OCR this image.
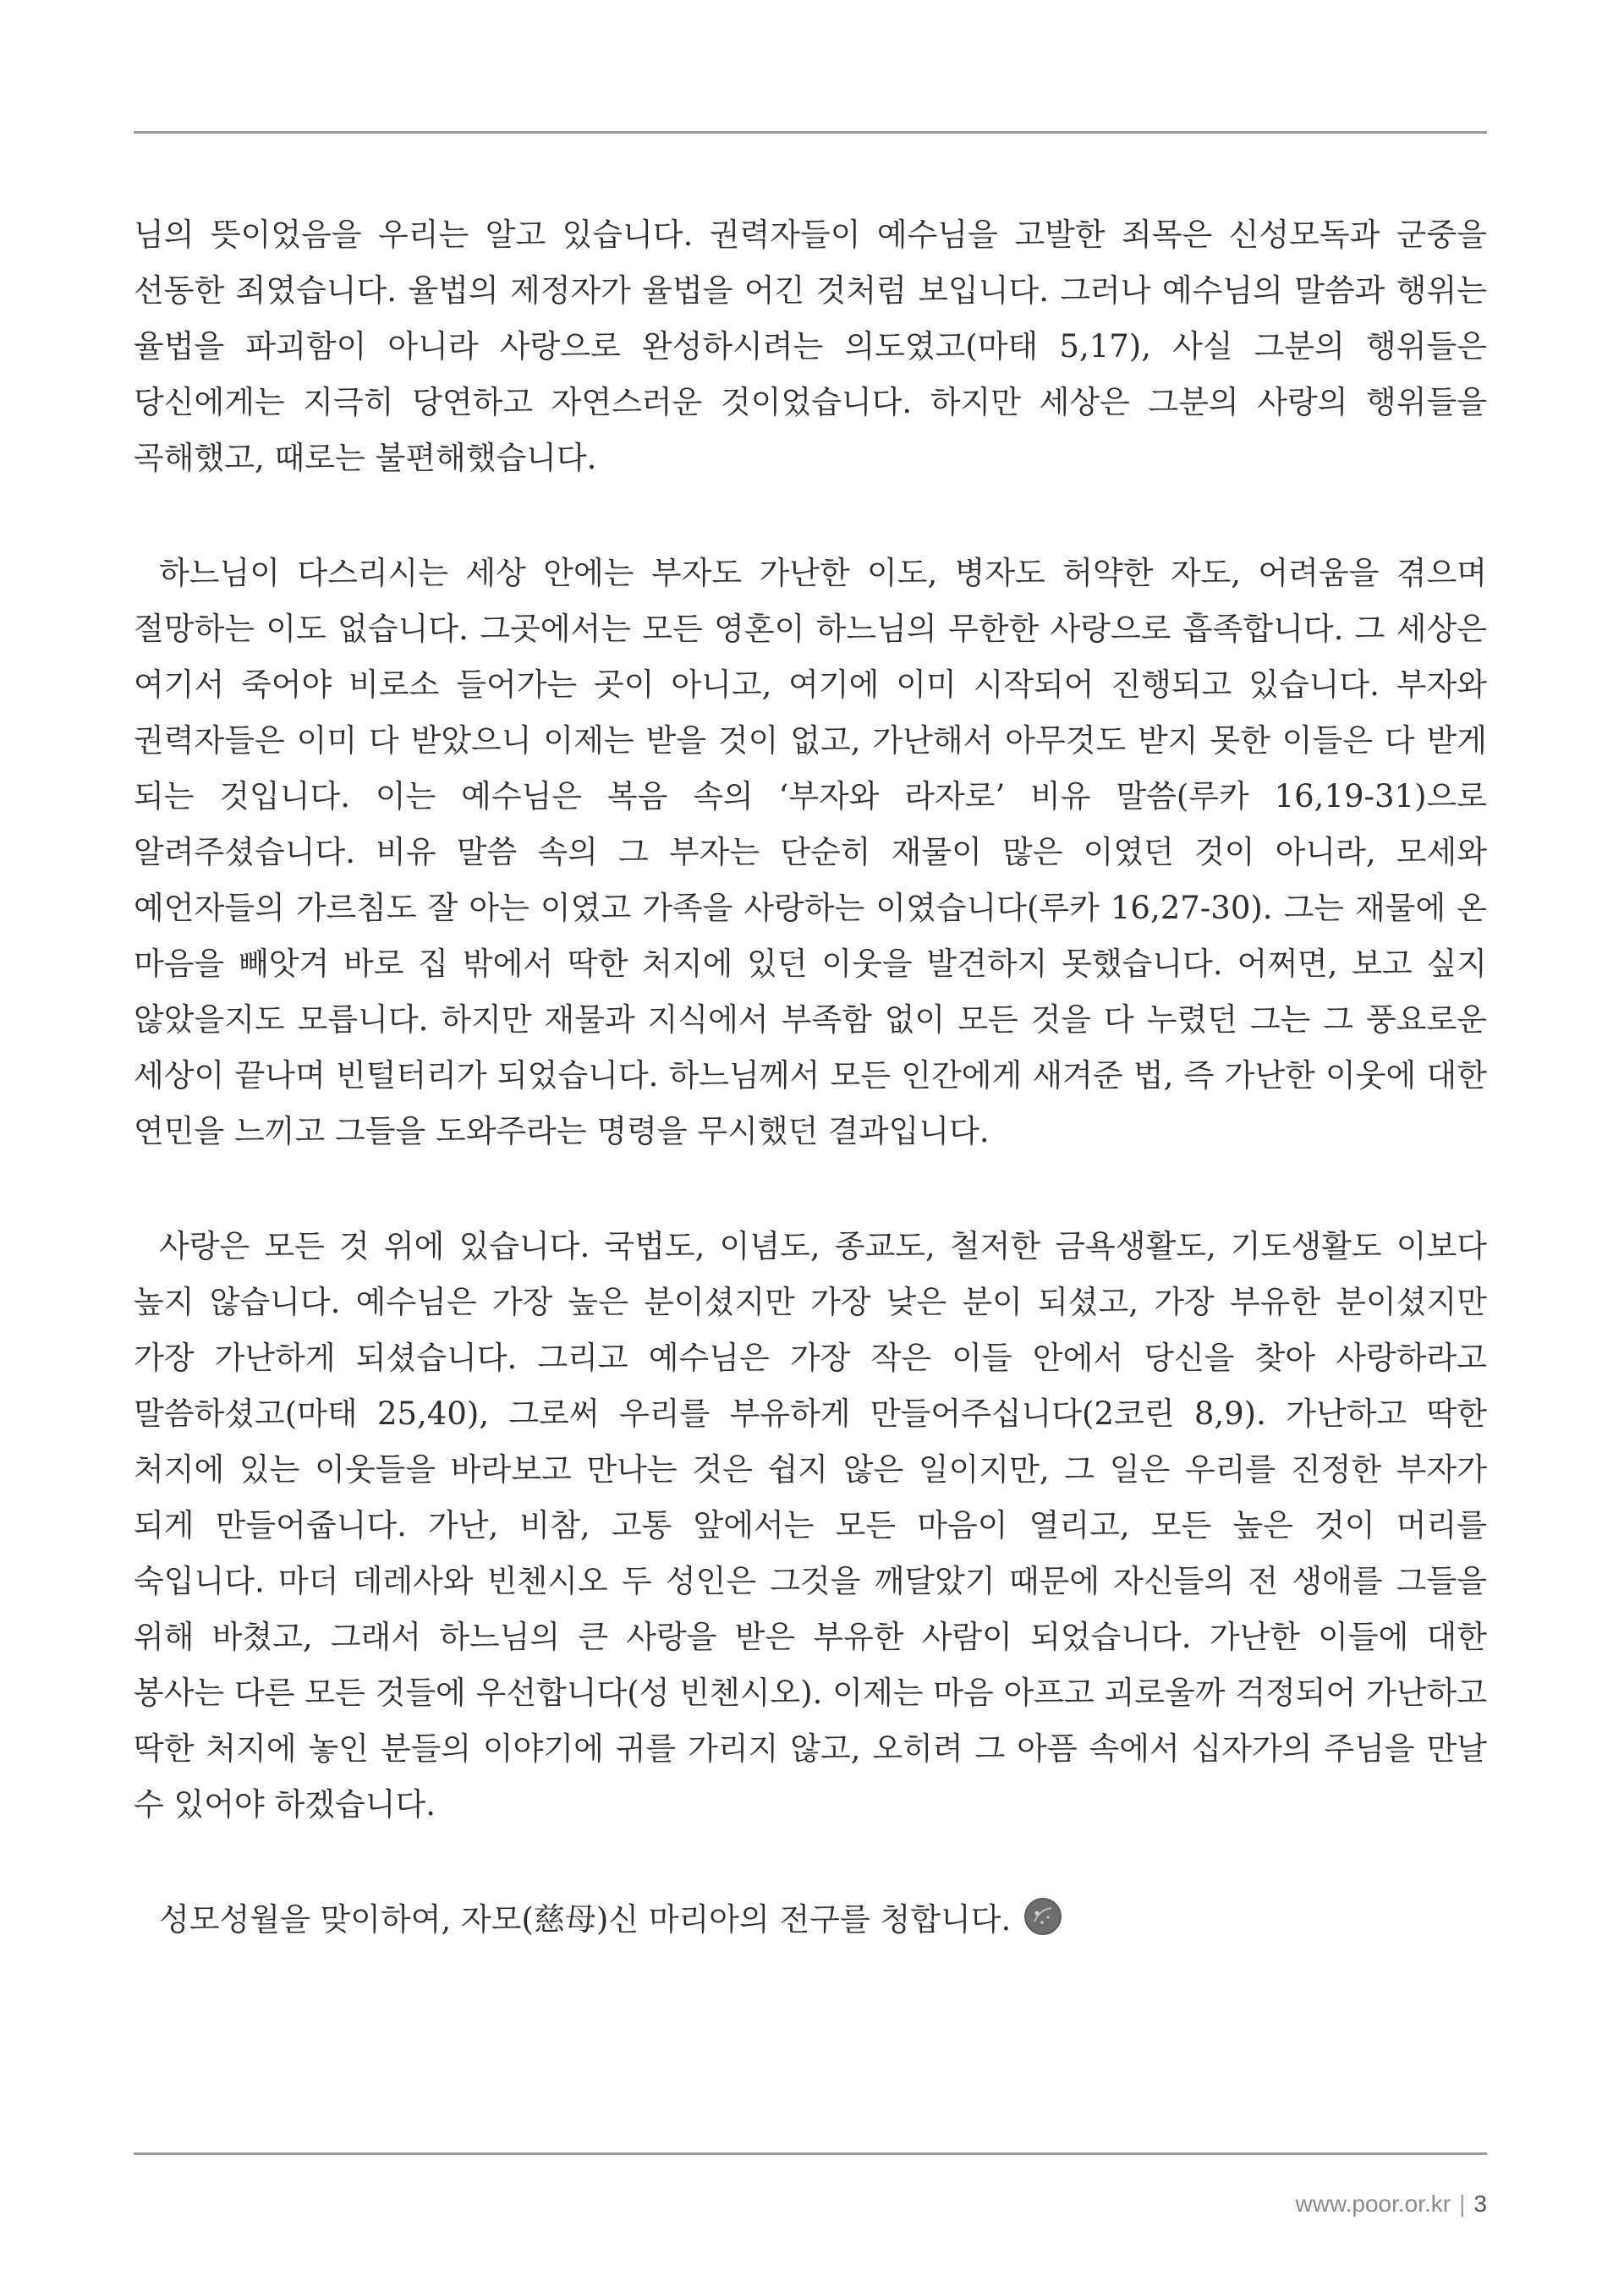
님의 뜻이었음을 우리는 알고 있습니다. 권력자들이 예수님을 고발한 죄목은 신성모독과 군중을 선동한 죄였습니다. 율법의 제정자가 율법을 어긴 것처럼 보입니다. 그러나 예수님의 말씀과 행위는 율법을 파괴함이 아니라 사랑으로 완성하시려는 의도였고(마태 5,17), 사실 그분의 행위들은 당신에게는 지극히 당연하고 자연스러운 것이었습니다. 하지만 세상은 그분의 사랑의 행위들을 곡해했고, 때로는 불편해했습니다.

하느님이 다스리시는 세상 안에는 부자도 가난한 이도, 병자도 허약한 자도, 어려움을 겪으며 절망하는 이도 없습니다. 그곳에서는 모든 영혼이 하느님의 무한한 사랑으로 흡족합니다. 그 세상은 여기서 죽어야 비로소 들어가는 곳이 아니고, 여기에 이미 시작되어 진행되고 있습니다. 부자와 권력자들은 이미 다 받았으니 이제는 받을 것이 없고, 가난해서 아무것도 받지 못한 이들은 다 받게 되는 것입니다. 이는 예수님은 복음 속의 ‘부자와 라자로’ 비유 말씀(루카 16,19-31)으로 알려주셨습니다. 비유 말씀 속의 그 부자는 단순히 재물이 많은 이였던 것이 아니라, 모세와 예언자들의 가르침도 잘 아는 이였고 가족을 사랑하는 이였습니다(루카 16,27-30). 그는 재물에 온 마음을 빼앗겨 바로 집 밖에서 딱한 처지에 있던 이웃을 발견하지 못했습니다. 어쩌면, 보고 싶지 않았을지도 모릅니다. 하지만 재물과 지식에서 부족함 없이 모든 것을 다 누렸던 그는 그 풍요로운 세상이 끝나며 빈털터리가 되었습니다. 하느님께서 모든 인간에게 새겨준 법, 즉 가난한 이웃에 대한 연민을 느끼고 그들을 도와주라는 명령을 무시했던 결과입니다.

사랑은 모든 것 위에 있습니다. 국법도, 이념도, 종교도, 철저한 금욕생활도, 기도생활도 이보다 높지 않습니다. 예수님은 가장 높은 분이셨지만 가장 낮은 분이 되셨고, 가장 부유한 분이셨지만 가장 가난하게 되셨습니다. 그리고 예수님은 가장 작은 이들 안에서 당신을 찾아 사랑하라고 말씀하셨고(마태 25,40), 그로써 우리를 부유하게 만들어주십니다(2코린 8,9). 가난하고 딱한 처지에 있는 이웃들을 바라보고 만나는 것은 쉽지 않은 일이지만, 그 일은 우리를 진정한 부자가 되게 만들어줍니다. 가난, 비참, 고통 앞에서는 모든 마음이 열리고, 모든 높은 것이 머리를 숙입니다. 마더 데레사와 빈첸시오 두 성인은 그것을 깨달았기 때문에 자신들의 전 생애를 그들을 위해 바쳤고, 그래서 하느님의 큰 사랑을 받은 부유한 사람이 되었습니다. 가난한 이들에 대한 봉사는 다른 모든 것들에 우선합니다(성 빈첸시오). 이제는 마음 아프고 괴로울까 걱정되어 가난하고 딱한 처지에 놓인 분들의 이야기에 귀를 가리지 않고, 오히려 그 아픔 속에서 십자가의 주님을 만날 수 있어야 하겠습니다.

성모성월을 맞이하여, 자모(慈母)신 마리아의 전구를 청합니다.

www.poor.or.kr | 3
